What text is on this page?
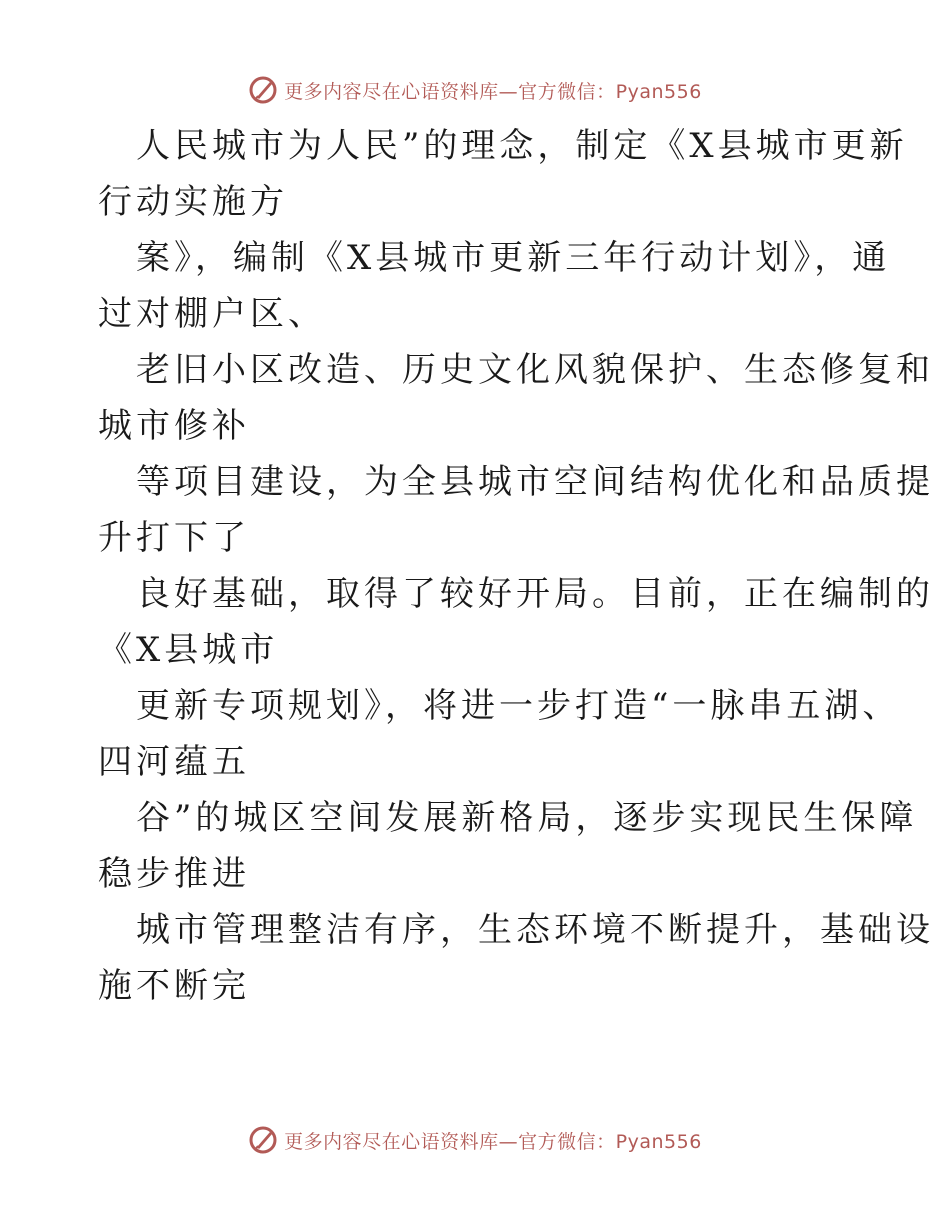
更多内容尽在心语资料库—官方微信：Pyan556
人民城市为人民”的理念，制定《X县城市更新
行动实施方
案》，编制《X县城市更新三年行动计划》，通
过对棚户区、
老旧小区改造、历史文化风貌保护、生态修复和
城市修补
等项目建设，为全县城市空间结构优化和品质提
升打下了
良好基础，取得了较好开局。目前，正在编制的
《X县城市
更新专项规划》，将进一步打造“一脉串五湖、
四河蕴五
谷”的城区空间发展新格局，逐步实现民生保障
稳步推进
城市管理整洁有序，生态环境不断提升，基础设
施不断完
更多内容尽在心语资料库—官方微信：Pyan556
